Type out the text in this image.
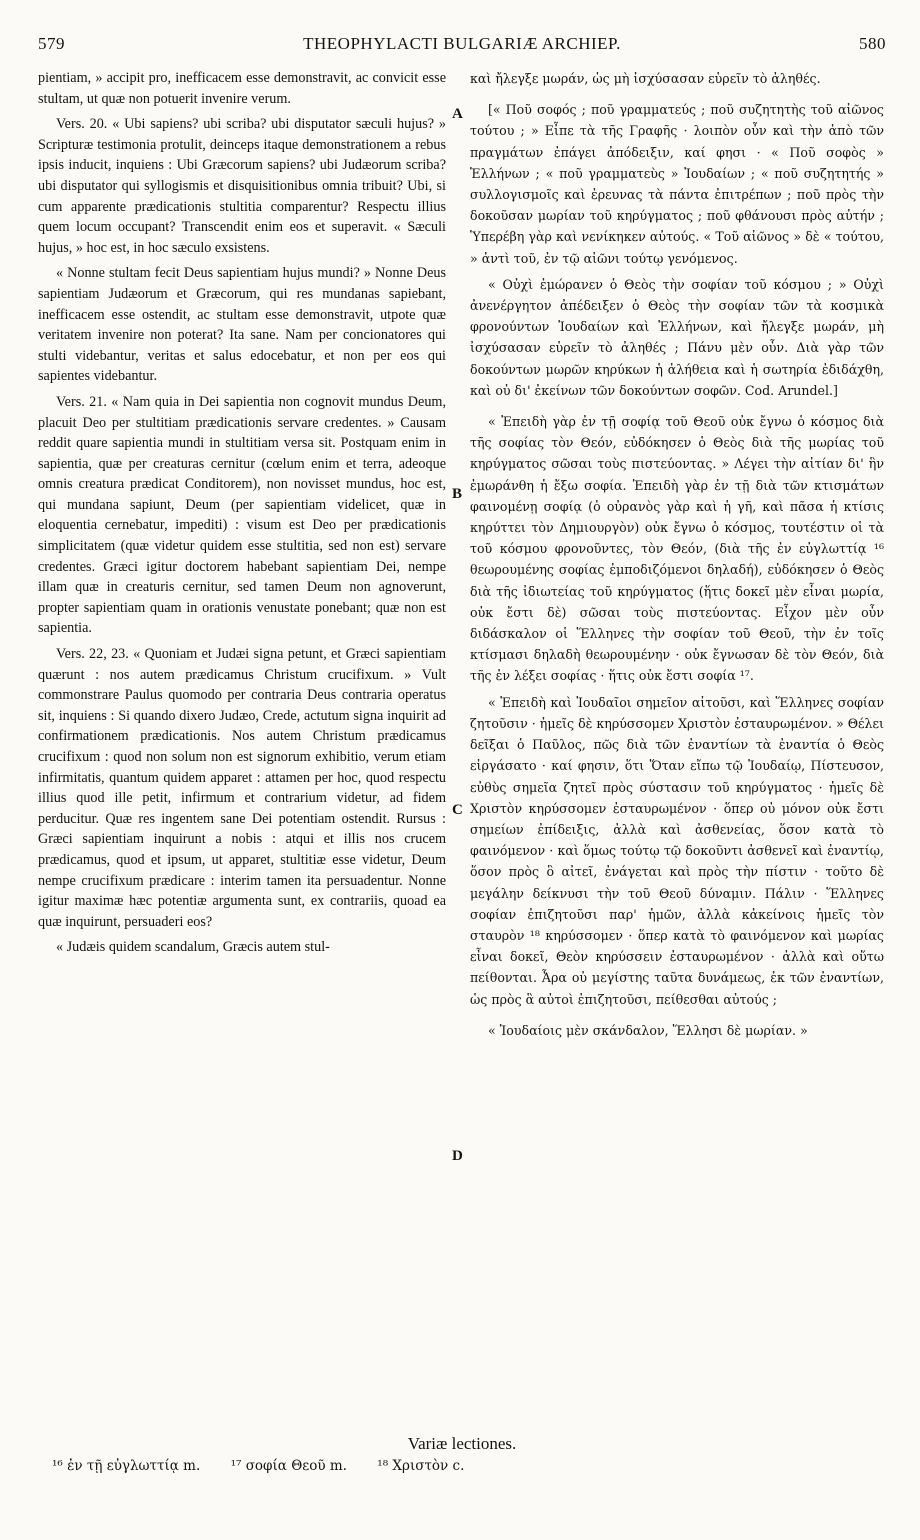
579	THEOPHYLACTI BULGARIÆ ARCHIEP.	580

pientiam, » accipit pro, inefficacem esse demonstravit, ac convicit esse stultam, ut quæ non potuerit invenire verum.

Vers. 20. « Ubi sapiens? ubi scriba? ubi disputator sæculi hujus? » Scripturæ testimonia protulit, deinceps itaque demonstrationem a rebus ipsis inducit, inquiens : Ubi Græcorum sapiens? ubi Judæorum scriba? ubi disputator qui syllogismis et disquisitionibus omnia tribuit? Ubi, si cum apparente prædicationis stultitia comparentur? Respectu illius quem locum occupant? Transcendit enim eos et superavit. « Sæculi hujus, » hoc est, in hoc sæculo exsistens.

« Nonne stultam fecit Deus sapientiam hujus mundi? » Nonne Deus sapientiam Judæorum et Græcorum, qui res mundanas sapiebant, inefficacem esse ostendit, ac stultam esse demonstravit, utpote quæ veritatem invenire non poterat? Ita sane. Nam per concionatores qui stulti videbantur, veritas et salus edocebatur, et non per eos qui sapientes videbantur.

Vers. 21. « Nam quia in Dei sapientia non cognovit mundus Deum, placuit Deo per stultitiam prædicationis servare credentes. » Causam reddit quare sapientia mundi in stultitiam versa sit. Postquam enim in sapientia, quæ per creaturas cernitur (cœlum enim et terra, adeoque omnis creatura prædicat Conditorem), non novisset mundus, hoc est, qui mundana sapiunt, Deum (per sapientiam videlicet, quæ in eloquentia cernebatur, impediti) : visum est Deo per prædicationis simplicitatem (quæ videtur quidem esse stultitia, sed non est) servare credentes. Græci igitur doctorem habebant sapientiam Dei, nempe illam quæ in creaturis cernitur, sed tamen Deum non agnoverunt, propter sapientiam quam in orationis venustate ponebant; quæ non est sapientia.

Vers. 22, 23. « Quoniam et Judæi signa petunt, et Græci sapientiam quærunt : nos autem prædicamus Christum crucifixum. » Vult commonstrare Paulus quomodo per contraria Deus contraria operatus sit, inquiens : Si quando dixero Judæo, Crede, actutum signa inquirit ad confirmationem prædicationis. Nos autem Christum prædicamus crucifixum : quod non solum non est signorum exhibitio, verum etiam infirmitatis, quantum quidem apparet : attamen per hoc, quod respectu illius quod ille petit, infirmum et contrarium videtur, ad fidem perducitur. Quæ res ingentem sane Dei potentiam ostendit. Rursus : Græci sapientiam inquirunt a nobis : atqui et illis nos crucem prædicamus, quod et ipsum, ut apparet, stultitiæ esse videtur, Deum nempe crucifixum prædicare : interim tamen ita persuadentur. Nonne igitur maximæ hæc potentiæ argumenta sunt, ex contrariis, quoad ea quæ inquirunt, persuaderi eos?

« Judæis quidem scandalum, Græcis autem stul-

καὶ ἤλεγξε μωράν, ὡς μὴ ἰσχύσασαν εὑρεῖν τὸ ἀληθές.

[« Ποῦ σοφός ; ποῦ γραμματεύς ; ποῦ συζητητὴς τοῦ αἰῶνος τούτου ; » Εἶπε τὰ τῆς Γραφῆς · λοιπὸν οὖν καὶ τὴν ἀπὸ τῶν πραγμάτων ἐπάγει ἀπόδειξιν, καί φησι · « Ποῦ σοφὸς » Ἑλλήνων ; « ποῦ γραμματεὺς » Ἰουδαίων ; « ποῦ συζητητής » συλλογισμοῖς καὶ ἐρευνας τὰ πάντα ἐπιτρέπων ; ποῦ πρὸς τὴν δοκοῦσαν μωρίαν τοῦ κηρύγματος ; ποῦ φθάνουσι πρὸς αὐτήν ; Ὑπερέβη γὰρ καὶ νενίκηκεν αὐτούς. « Τοῦ αἰῶνος » δὲ « τούτου, » ἀντὶ τοῦ, ἐν τῷ αἰῶνι τούτῳ γενόμενος.

« Οὐχὶ ἐμώρανεν ὁ Θεὸς τὴν σοφίαν τοῦ κόσμου ; » Οὐχὶ ἀνενέργητον ἀπέδειξεν ὁ Θεὸς τὴν σοφίαν τῶν τὰ κοσμικὰ φρονούντων Ἰουδαίων καὶ Ἑλλήνων, καὶ ἤλεγξε μωράν, μὴ ἰσχύσασαν εὑρεῖν τὸ ἀληθές ; Πάνυ μὲν οὖν. Διὰ γὰρ τῶν δοκούντων μωρῶν κηρύκων ἡ ἀλήθεια καὶ ἡ σωτηρία ἐδιδάχθη, καὶ οὐ δι' ἐκείνων τῶν δοκούντων σοφῶν. Cod. Arundel.]

« Ἐπειδὴ γὰρ ἐν τῇ σοφίᾳ τοῦ Θεοῦ οὐκ ἔγνω ὁ κόσμος διὰ τῆς σοφίας τὸν Θεόν, εὐδόκησεν ὁ Θεὸς διὰ τῆς μωρίας τοῦ κηρύγματος σῶσαι τοὺς πιστεύοντας. » Λέγει τὴν αἰτίαν δι' ἣν ἐμωράνθη ἡ ἔξω σοφία. Ἐπειδὴ γὰρ ἐν τῇ διὰ τῶν κτισμάτων φαινομένῃ σοφίᾳ (ὁ οὐρανὸς γὰρ καὶ ἡ γῆ, καὶ πᾶσα ἡ κτίσις κηρύττει τὸν Δημιουργὸν) οὐκ ἔγνω ὁ κόσμος, τουτέστιν οἱ τὰ τοῦ κόσμου φρονοῦντες, τὸν Θεόν, (διὰ τῆς ἐν εὐγλωττίᾳ ¹⁶ θεωρουμένης σοφίας ἐμποδιζόμενοι δηλαδή), εὐδόκησεν ὁ Θεὸς διὰ τῆς ἰδιωτείας τοῦ κηρύγματος (ἥτις δοκεῖ μὲν εἶναι μωρία, οὐκ ἔστι δὲ) σῶσαι τοὺς πιστεύοντας. Εἶχον μὲν οὖν διδάσκαλον οἱ Ἕλληνες τὴν σοφίαν τοῦ Θεοῦ, τὴν ἐν τοῖς κτίσμασι δηλαδὴ θεωρουμένην · οὐκ ἔγνωσαν δὲ τὸν Θεόν, διὰ τῆς ἐν λέξει σοφίας · ἥτις οὐκ ἔστι σοφία ¹⁷.

« Ἐπειδὴ καὶ Ἰουδαῖοι σημεῖον αἰτοῦσι, καὶ Ἕλληνες σοφίαν ζητοῦσιν · ἡμεῖς δὲ κηρύσσομεν Χριστὸν ἐσταυρωμένον. » Θέλει δεῖξαι ὁ Παῦλος, πῶς διὰ τῶν ἐναντίων τὰ ἐναντία ὁ Θεὸς εἰργάσατο · καί φησιν, ὅτι Ὅταν εἴπω τῷ Ἰουδαίῳ, Πίστευσον, εὐθὺς σημεῖα ζητεῖ πρὸς σύστασιν τοῦ κηρύγματος · ἡμεῖς δὲ Χριστὸν κηρύσσομεν ἐσταυρωμένον · ὅπερ οὐ μόνον οὐκ ἔστι σημείων ἐπίδειξις, ἀλλὰ καὶ ἀσθενείας, ὅσον κατὰ τὸ φαινόμενον · καὶ ὅμως τούτῳ τῷ δοκοῦντι ἀσθενεῖ καὶ ἐναντίῳ, ὅσον πρὸς ὃ αἰτεῖ, ἐνάγεται καὶ πρὸς τὴν πίστιν · τοῦτο δὲ μεγάλην δείκνυσι τὴν τοῦ Θεοῦ δύναμιν. Πάλιν · Ἕλληνες σοφίαν ἐπιζητοῦσι παρ' ἡμῶν, ἀλλὰ κἀκείνοις ἡμεῖς τὸν σταυρὸν ¹⁸ κηρύσσομεν · ὅπερ κατὰ τὸ φαινόμενον καὶ μωρίας εἶναι δοκεῖ, Θεὸν κηρύσσειν ἐσταυρωμένον · ἀλλὰ καὶ οὕτω πείθονται. Ἆρα οὐ μεγίστης ταῦτα δυνάμεως, ἐκ τῶν ἐναντίων, ὡς πρὸς ἃ αὐτοὶ ἐπιζητοῦσι, πείθεσθαι αὐτούς ;

« Ἰουδαίοις μὲν σκάνδαλον, Ἕλλησι δὲ μωρίαν. »

A
B
C
D
Variæ lectiones.
¹⁶ ἐν τῇ εὐγλωττίᾳ m. ¹⁷ σοφία Θεοῦ m. ¹⁸ Χριστὸν c.
